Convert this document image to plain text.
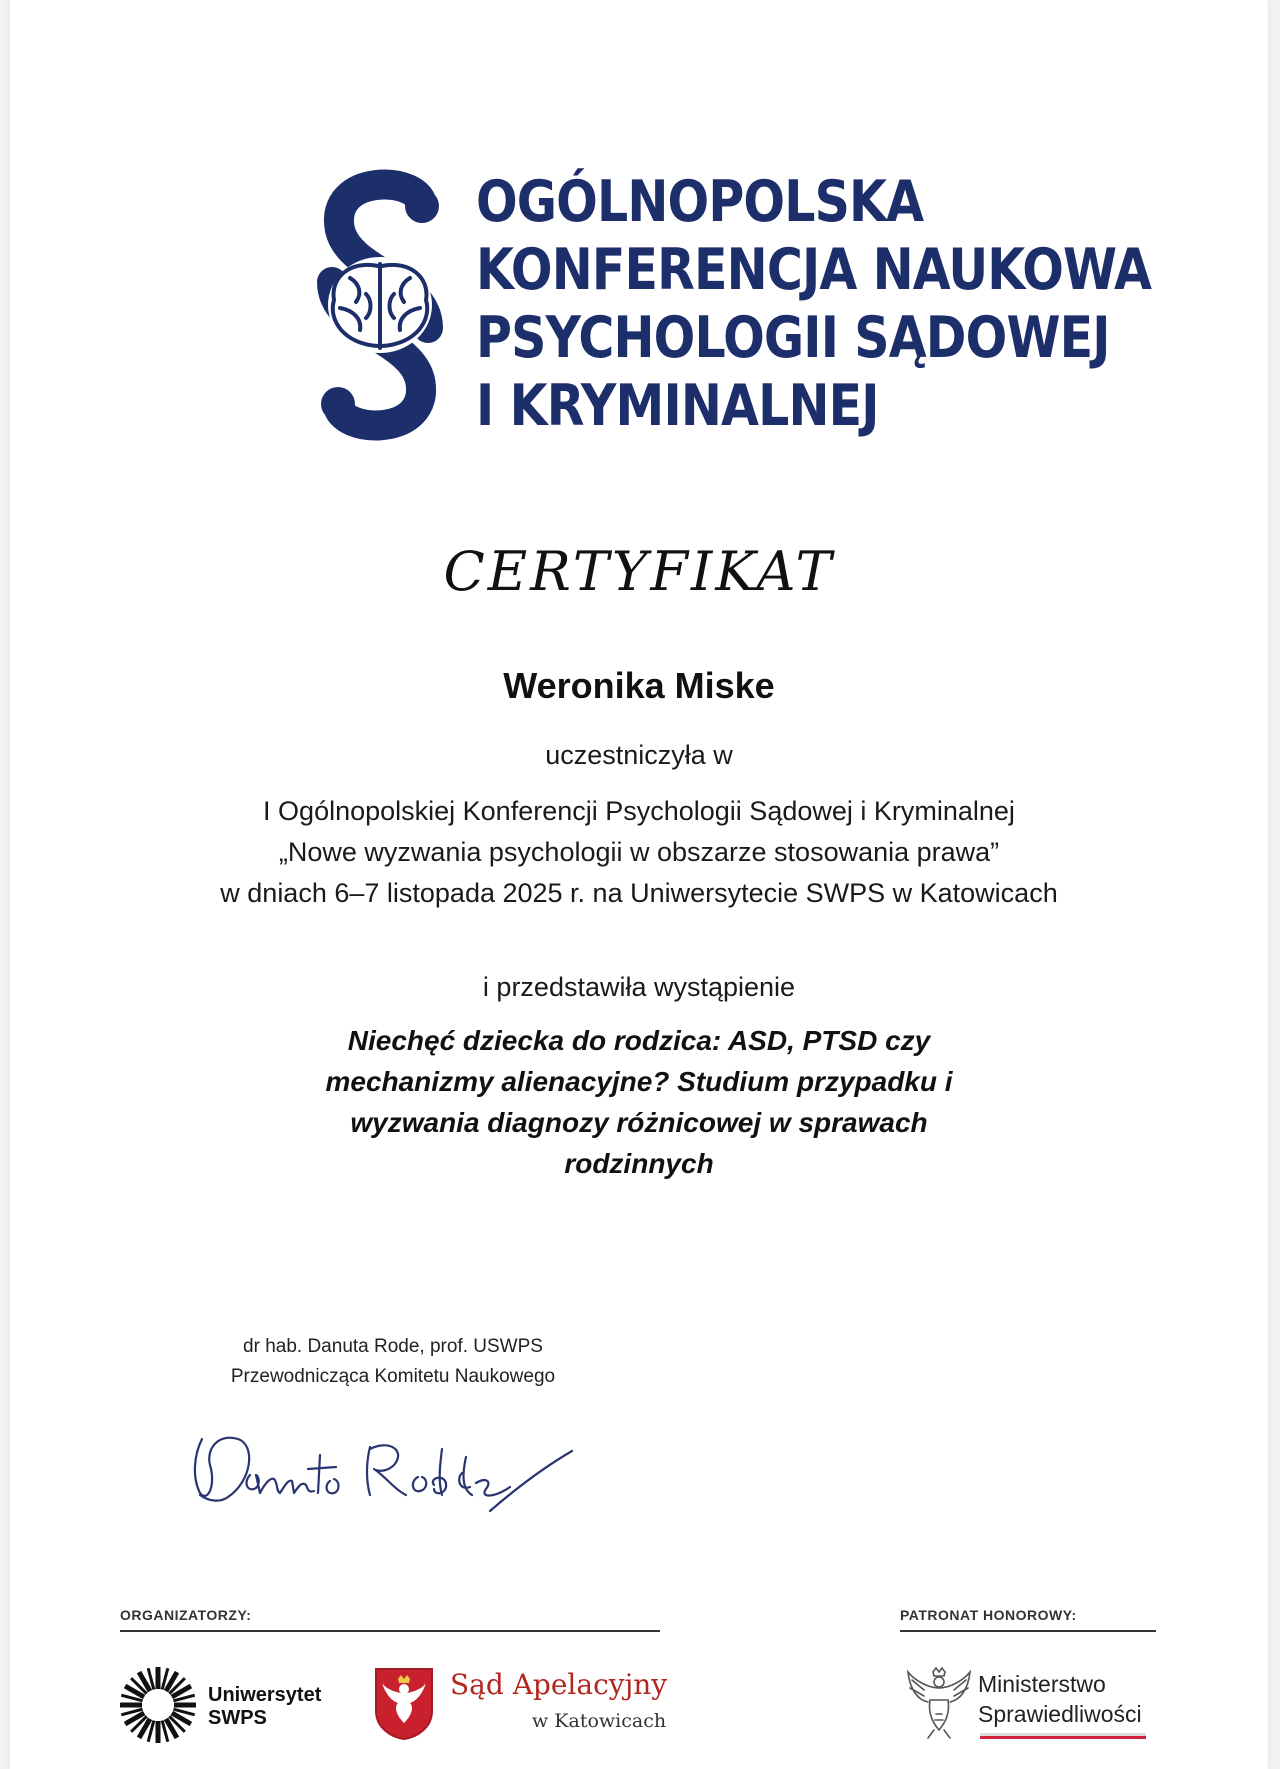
OGÓLNOPOLSKA
KONFERENCJA NAUKOWA
PSYCHOLOGII SĄDOWEJ
I KRYMINALNEJ
CERTYFIKAT
Weronika Miske
uczestniczyła w
I Ogólnopolskiej Konferencji Psychologii Sądowej i Kryminalnej
„Nowe wyzwania psychologii w obszarze stosowania prawa”
w dniach 6–7 listopada 2025 r. na Uniwersytecie SWPS w Katowicach
i przedstawiła wystąpienie
Niechęć dziecka do rodzica: ASD, PTSD czy
mechanizmy alienacyjne? Studium przypadku i
wyzwania diagnozy różnicowej w sprawach
rodzinnych
dr hab. Danuta Rode, prof. USWPS
Przewodnicząca Komitetu Naukowego
ORGANIZATORZY:	PATRONAT HONOROWY:
Uniwersytet
SWPS
Sąd Apelacyjny
w Katowicach
Ministerstwo
Sprawiedliwości
